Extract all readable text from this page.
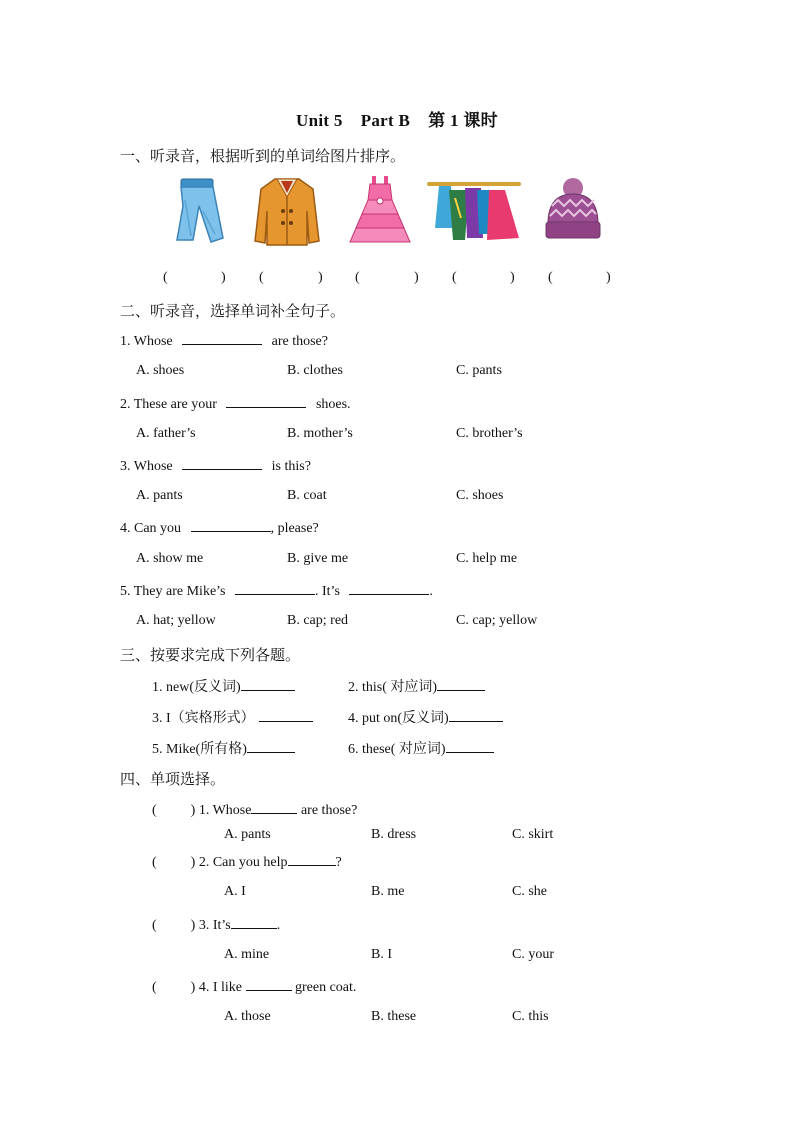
Unit 5 Part B 第 1 课时
一、听录音，根据听到的单词给图片排序。
(	) (	) (	) (	) (	)
二、听录音，选择单词补全句子。
1. Whose	are those?
A. shoes	B. clothes	C. pants
2. These are your	shoes.
A. father’s	B. mother’s	C. brother’s
3. Whose	is this?
A. pants	B. coat	C. shoes
4. Can you	, please?
A. show me	B. give me	C. help me
5. They are Mike’s	. It’s	.
A. hat; yellow	B. cap; red	C. cap; yellow
三、按要求完成下列各题。
1. new(反义词)	2. this( 对应词)
3. I（宾格形式）	4. put on(反义词)
5. Mike(所有格)	6. these( 对应词)
四、单项选择。
( ) 1. Whose	are those?
A. pants	B. dress	C. skirt
( ) 2. Can you help	?
A. I	B. me	C. she
( ) 3. It’s	.
A. mine	B. I	C. your
( ) 4. I like	green coat.
A. those	B. these	C. this
